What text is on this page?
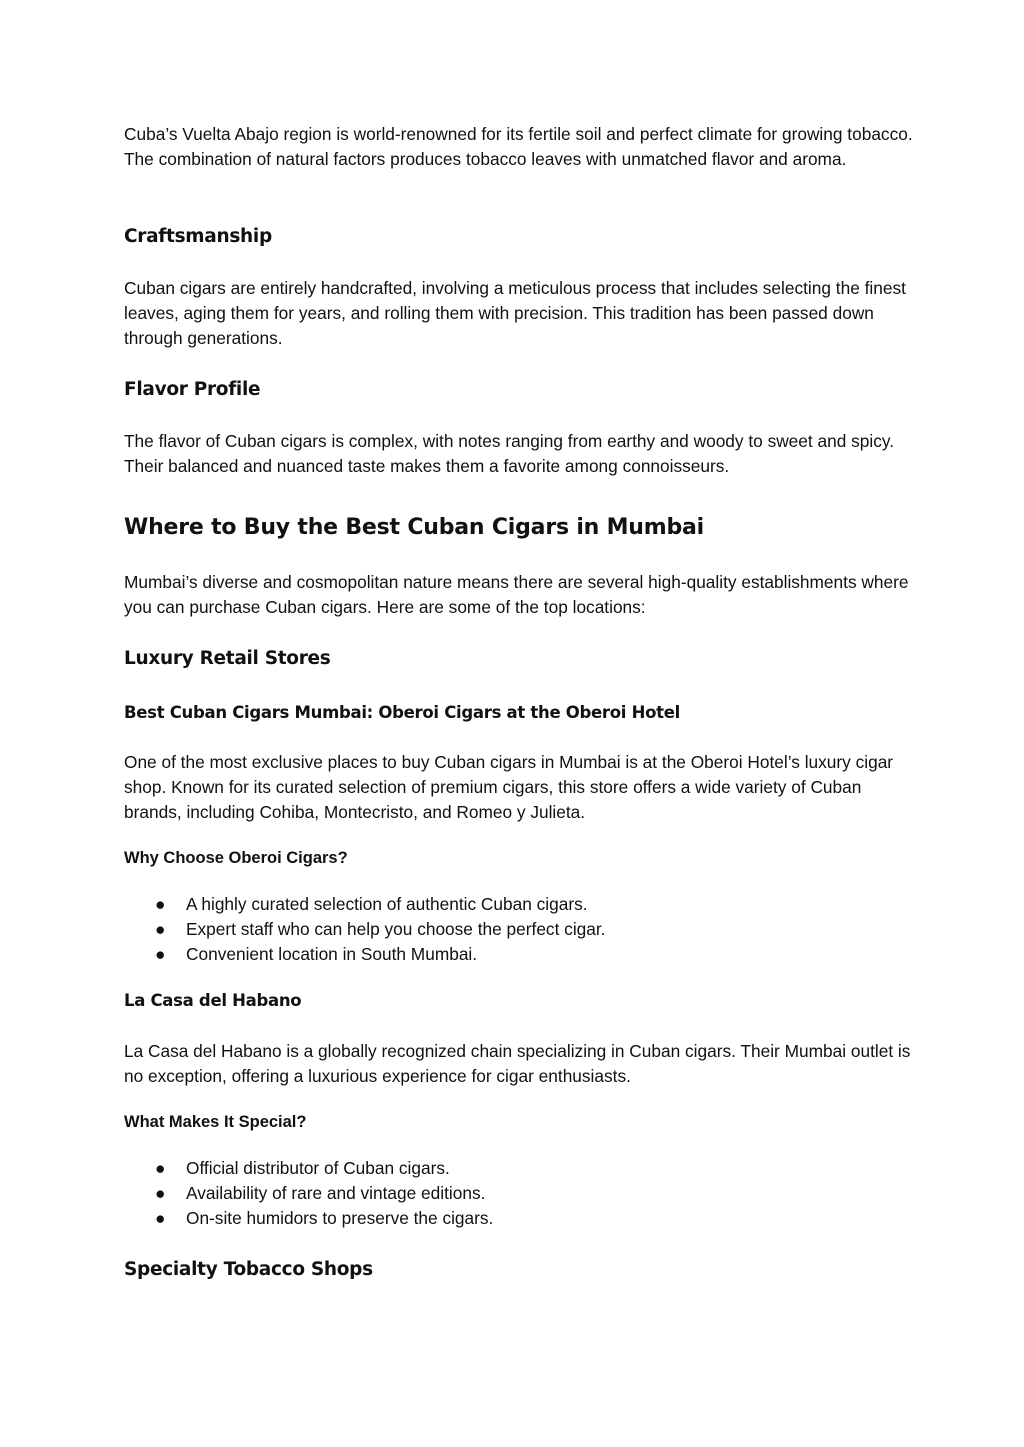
Cuba’s Vuelta Abajo region is world-renowned for its fertile soil and perfect climate for growing tobacco. The combination of natural factors produces tobacco leaves with unmatched flavor and aroma.

Craftsmanship

Cuban cigars are entirely handcrafted, involving a meticulous process that includes selecting the finest leaves, aging them for years, and rolling them with precision. This tradition has been passed down through generations.

Flavor Profile

The flavor of Cuban cigars is complex, with notes ranging from earthy and woody to sweet and spicy. Their balanced and nuanced taste makes them a favorite among connoisseurs.

Where to Buy the Best Cuban Cigars in Mumbai

Mumbai’s diverse and cosmopolitan nature means there are several high-quality establishments where you can purchase Cuban cigars. Here are some of the top locations:

Luxury Retail Stores
Best Cuban Cigars Mumbai: Oberoi Cigars at the Oberoi Hotel

One of the most exclusive places to buy Cuban cigars in Mumbai is at the Oberoi Hotel’s luxury cigar shop. Known for its curated selection of premium cigars, this store offers a wide variety of Cuban brands, including Cohiba, Montecristo, and Romeo y Julieta.

Why Choose Oberoi Cigars?
● A highly curated selection of authentic Cuban cigars.
● Expert staff who can help you choose the perfect cigar.
● Convenient location in South Mumbai.
La Casa del Habano

La Casa del Habano is a globally recognized chain specializing in Cuban cigars. Their Mumbai outlet is no exception, offering a luxurious experience for cigar enthusiasts.

What Makes It Special?
● Official distributor of Cuban cigars.
● Availability of rare and vintage editions.
● On-site humidors to preserve the cigars.
Specialty Tobacco Shops
